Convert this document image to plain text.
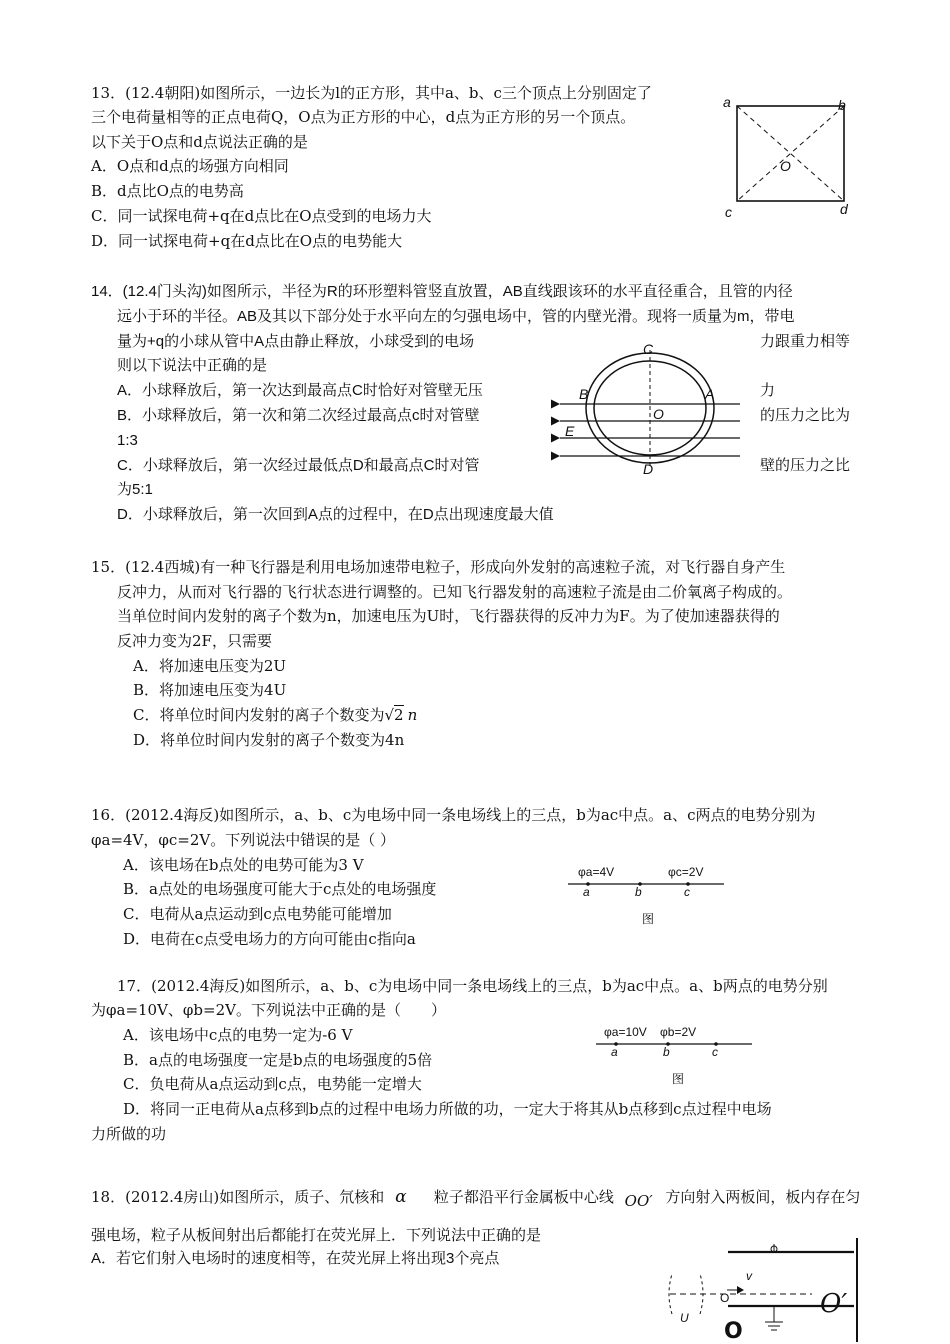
13．(12.4朝阳)如图所示，一边长为l的正方形，其中a、b、c三个顶点上分别固定了
三个电荷量相等的正点电荷Q，O点为正方形的中心，d点为正方形的另一个顶点。
以下关于O点和d点说法正确的是
A．O点和d点的场强方向相同
B．d点比O点的电势高
C．同一试探电荷+q在d点比在O点受到的电场力大
D．同一试探电荷+q在d点比在O点的电势能大
a	b
c	d
O
14．(12.4门头沟)如图所示，半径为R的环形塑料管竖直放置，AB直线跟该环的水平直径重合，且管的内径
远小于环的半径。AB及其以下部分处于水平向左的匀强电场中，管的内壁光滑。现将一质量为m，带电
量为+q的小球从管中A点由静止释放，小球受到的电场	力跟重力相等
则以下说法中正确的是
A．小球释放后，第一次达到最高点C时恰好对管壁无压	力
B．小球释放后，第一次和第二次经过最高点c时对管壁	的压力之比为
1:3
C．小球释放后，第一次经过最低点D和最高点C时对管	壁的压力之比
为5:1
D．小球释放后，第一次回到A点的过程中，在D点出现速度最大值
C
B	A
O
E
D
15．(12.4西城)有一种飞行器是利用电场加速带电粒子，形成向外发射的高速粒子流，对飞行器自身产生
反冲力，从而对飞行器的飞行状态进行调整的。已知飞行器发射的高速粒子流是由二价氧离子构成的。
当单位时间内发射的离子个数为n，加速电压为U时，飞行器获得的反冲力为F。为了使加速器获得的
反冲力变为2F，只需要
A．将加速电压变为2U
B．将加速电压变为4U
C．将单位时间内发射的离子个数变为√2 n
D．将单位时间内发射的离子个数变为4n
16．(2012.4海反)如图所示，a、b、c为电场中同一条电场线上的三点，b为ac中点。a、c两点的电势分别为
φa=4V，φc=2V。下列说法中错误的是（ ）
A．该电场在b点处的电势可能为3 V
B．a点处的电场强度可能大于c点处的电场强度
C．电荷从a点运动到c点电势能可能增加
D．电荷在c点受电场力的方向可能由c指向a
φa=4V	φc=2V
a	b	c
图
17．(2012.4海反)如图所示，a、b、c为电场中同一条电场线上的三点，b为ac中点。a、b两点的电势分别
为φa=10V、φb=2V。下列说法中正确的是（　　）
A．该电场中c点的电势一定为-6 V
B．a点的电场强度一定是b点的电场强度的5倍
C．负电荷从a点运动到c点，电势能一定增大
D．将同一正电荷从a点移到b点的过程中电场力所做的功，一定大于将其从b点移到c点过程中电场
力所做的功
φa=10V φb=2V
a	b	c
图
18．(2012.4房山)如图所示，质子、氘核和 α 粒子都沿平行金属板中心线 OO′ 方向射入两板间，板内存在匀
强电场，粒子从板间射出后都能打在荧光屏上．下列说法中正确的是
A．若它们射入电场时的速度相等，在荧光屏上将出现3个亮点
v
O
U	O′
O
